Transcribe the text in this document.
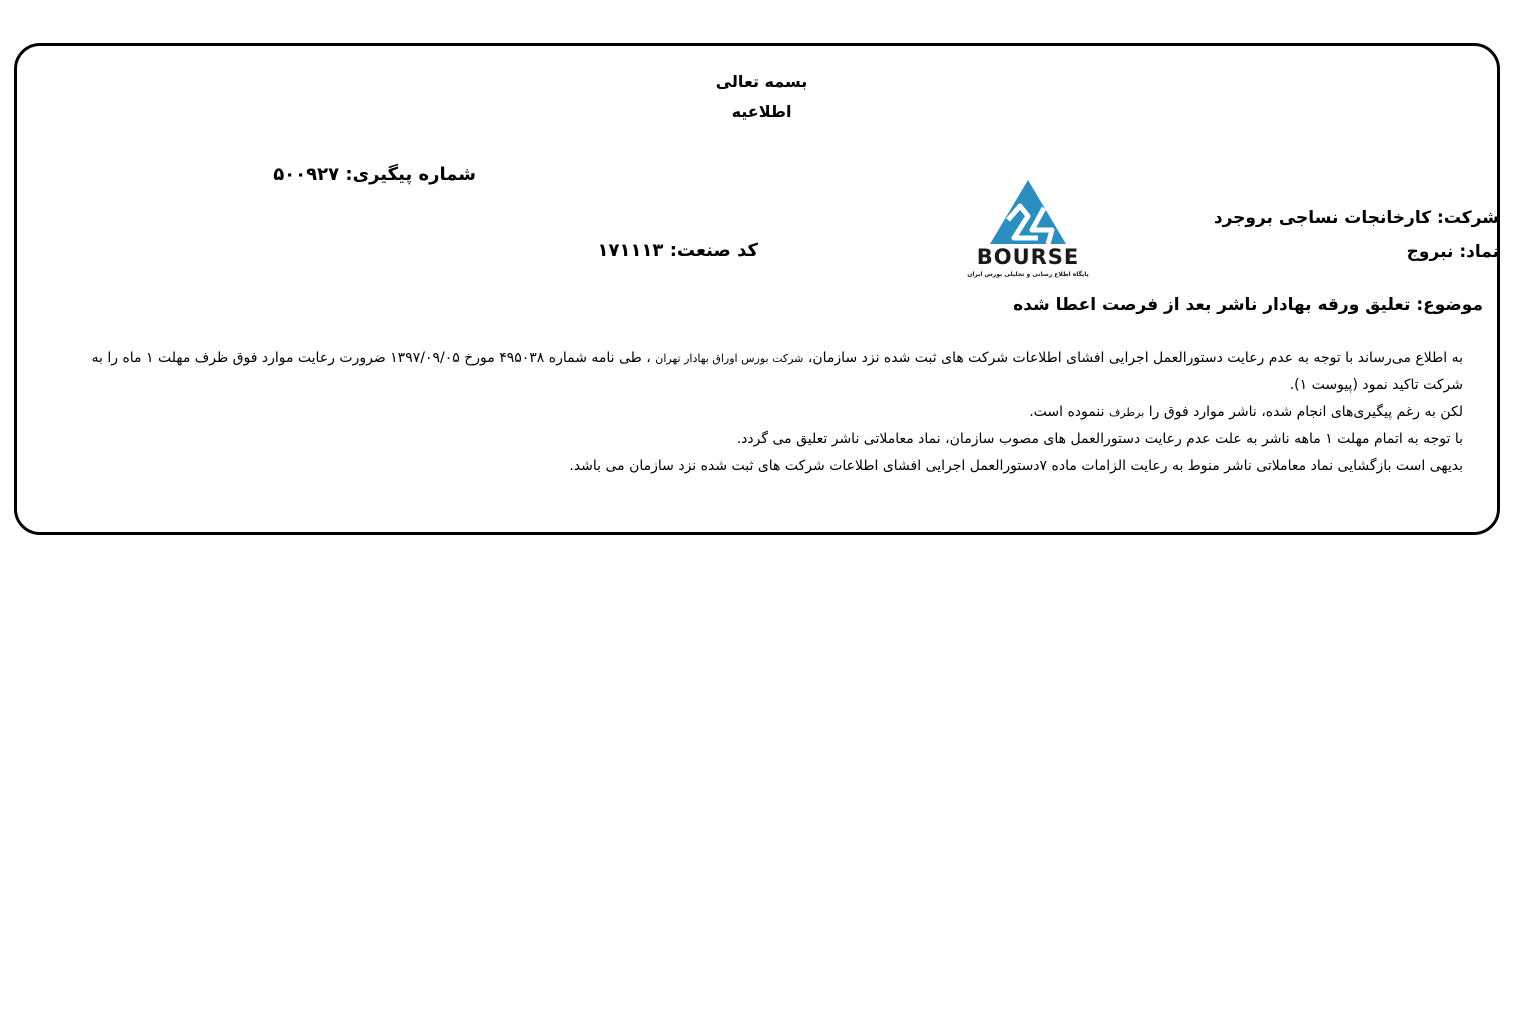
بسمه تعالی
اطلاعیه
شماره پیگیری: ۵۰۰۹۲۷
شرکت: کارخانجات نساجی بروجرد
نماد: نبروج
کد صنعت: ۱۷۱۱۱۳	BOURSE
پایگاه اطلاع رسانی و تحلیلی بورس ایران
موضوع: تعلیق ورقه بهادار ناشر بعد از فرصت اعطا شده

به اطلاع می‌رساند با توجه به عدم رعایت دستورالعمل اجرایی افشای اطلاعات شرکت های ثبت شده نزد سازمان، شرکت بورس اوراق بهادار تهران ، طی نامه شماره ۴۹۵۰۳۸ مورخ ۱۳۹۷/۰۹/۰۵ ضرورت رعایت موارد فوق ظرف مهلت ۱ ماه را به شرکت تاکید نمود (پیوست ۱).

لکن به رغم پیگیری‌های انجام شده، ناشر موارد فوق را برطرف ننموده است.

با توجه به اتمام مهلت ۱ ماهه ناشر به علت عدم رعایت دستورالعمل های مصوب سازمان، نماد معاملاتی ناشر تعلیق می گردد.

بدیهی است بازگشایی نماد معاملاتی ناشر منوط به رعایت الزامات ماده ۷دستورالعمل اجرایی افشای اطلاعات شرکت های ثبت شده نزد سازمان می باشد.
